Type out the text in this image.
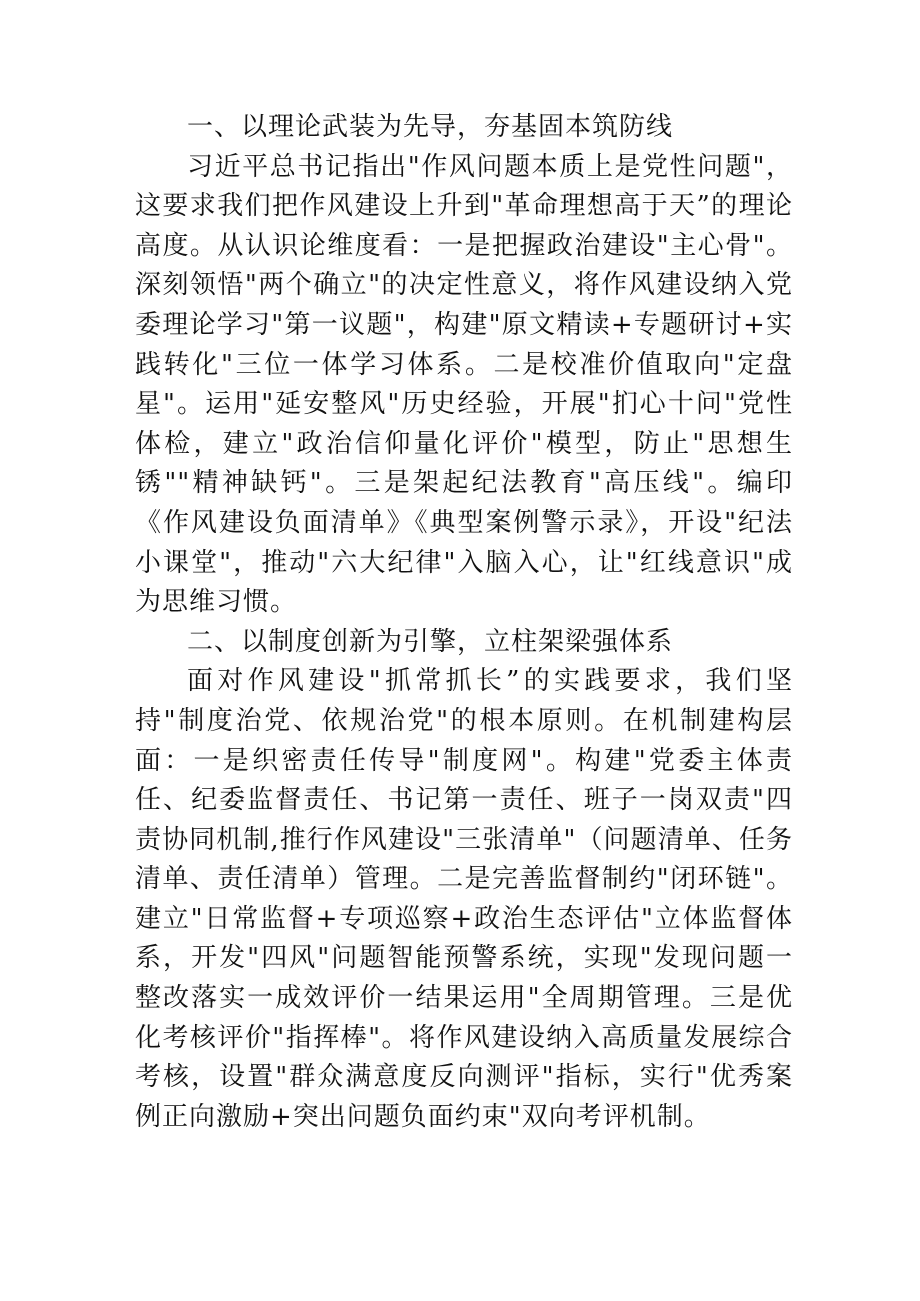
一、以理论武装为先导，夯基固本筑防线

习近平总书记指出"作风问题本质上是党性问题"，这要求我们把作风建设上升到"革命理想高于天”的理论高度。从认识论维度看：一是把握政治建设"主心骨"。深刻领悟"两个确立"的决定性意义，将作风建设纳入党委理论学习"第一议题"，构建"原文精读+专题研讨+实践转化"三位一体学习体系。二是校准价值取向"定盘星"。运用"延安整风"历史经验，开展"扪心十问"党性体检，建立"政治信仰量化评价"模型，防止"思想生锈""精神缺钙"。三是架起纪法教育"高压线"。编印《作风建设负面清单》《典型案例警示录》，开设"纪法小课堂"，推动"六大纪律"入脑入心，让"红线意识"成为思维习惯。

二、以制度创新为引擎，立柱架梁强体系

面对作风建设"抓常抓长”的实践要求，我们坚持"制度治党、依规治党"的根本原则。在机制建构层面：一是织密责任传导"制度网"。构建"党委主体责任、纪委监督责任、书记第一责任、班子一岗双责"四责协同机制,推行作风建设"三张清单"（问题清单、任务清单、责任清单）管理。二是完善监督制约"闭环链"。建立"日常监督+专项巡察+政治生态评估"立体监督体系，开发"四风"问题智能预警系统，实现"发现问题一整改落实一成效评价一结果运用"全周期管理。三是优化考核评价"指挥棒"。将作风建设纳入高质量发展综合考核，设置"群众满意度反向测评"指标，实行"优秀案例正向激励+突出问题负面约束"双向考评机制。
